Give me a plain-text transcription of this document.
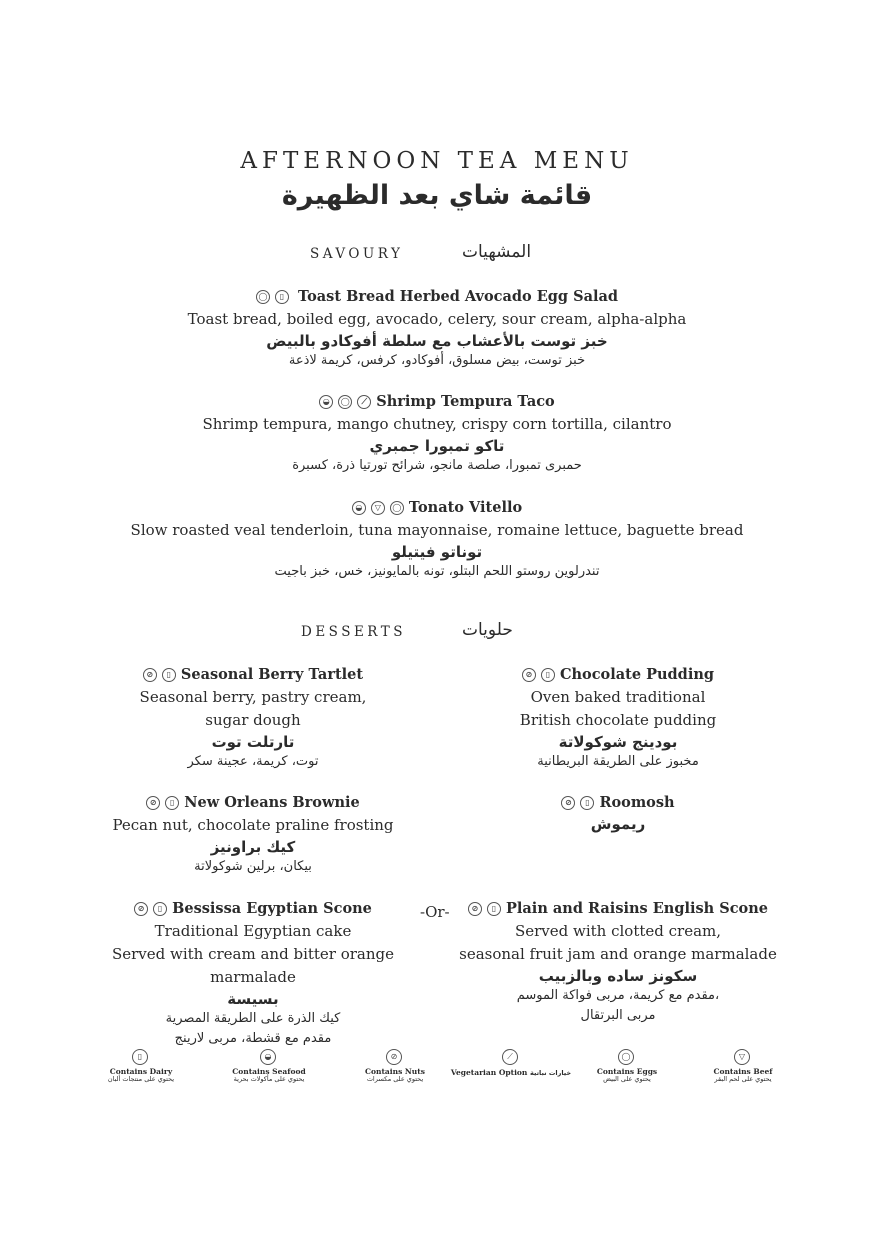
AFTERNOON TEA MENU
قائمة شاي بعد الظهيرة
SAVOURY	المشهيات
◯ ▯ Toast Bread Herbed Avocado Egg Salad
Toast bread, boiled egg, avocado, celery, sour cream, alpha-alpha
خبز توست بالأعشاب مع سلطة أفوكادو بالبيض
خبز توست، بيض مسلوق، أفوكادو، كرفس، كريمة لاذعة
◒ ◯ ⟋ Shrimp Tempura Taco
Shrimp tempura, mango chutney, crispy corn tortilla, cilantro
تاكو تمبورا جمبري
حمبرى تمبورا، صلصة مانجو، شرائح تورتيا ذرة، كسبرة
◒ ▽ ◯ Tonato Vitello
Slow roasted veal tenderloin, tuna mayonnaise, romaine lettuce, baguette bread
توناتو فيتيلو
تندرلوين روستو اللحم البتلو، تونه بالمايونيز، خس، خبز باجيت
DESSERTS	حلويات
⊘ ▯ Seasonal Berry Tartlet
Seasonal berry, pastry cream,
sugar dough
تارتلت توت
توت، كريمة، عجينة سكر
⊘ ▯ Chocolate Pudding
Oven baked traditional
British chocolate pudding
بودينج شوكولاتة
مخبوز على الطريقة البريطانية
⊘ ▯ New Orleans Brownie
Pecan nut, chocolate praline frosting
كيك براونيز
بيكان، برلين شوكولاتة
⊘ ▯ Roomosh
ريموش
⊘ ▯ Bessissa Egyptian Scone
Traditional Egyptian cake
Served with cream and bitter orange marmalade
بسيسة
كيك الذرة على الطريقة المصرية
مقدم مع قشطة، مربى لارينج
-Or-	⊘ ▯ Plain and Raisins English Scone
Served with clotted cream,
seasonal fruit jam and orange marmalade
سكونز ساده وبالزبيب
مقدم مع كريمة، مربى فواكة الموسم،
مربى البرتقال
▯
Contains Dairy
يحتوي على منتجات ألبان
◒
Contains Seafood
يحتوي على مأكولات بحرية
⊘
Contains Nuts
يحتوي على مكسرات
⟋
Vegetarian Option خيارات نباتية
◯
Contains Eggs
يحتوي على البيض
▽
Contains Beef
يحتوي على لحم البقر
